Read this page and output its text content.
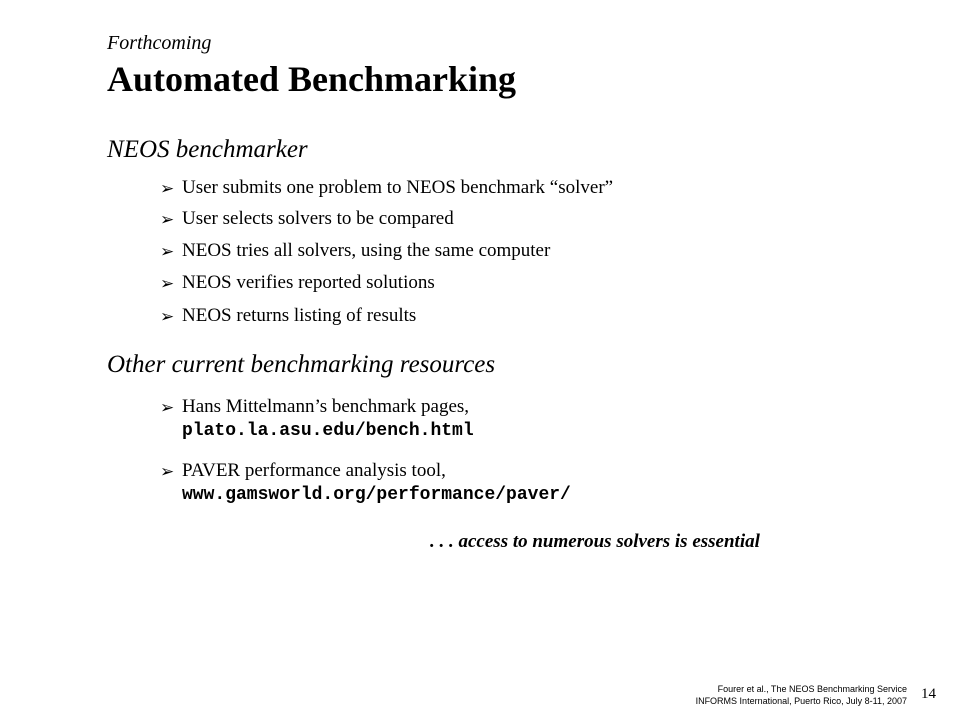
Forthcoming
Automated Benchmarking
NEOS benchmarker
➢ User submits one problem to NEOS benchmark “solver”
➢ User selects solvers to be compared
➢ NEOS tries all solvers, using the same computer
➢ NEOS verifies reported solutions
➢ NEOS returns listing of results
Other current benchmarking resources
➢ Hans Mittelmann’s benchmark pages,
plato.la.asu.edu/bench.html
➢ PAVER performance analysis tool,
www.gamsworld.org/performance/paver/
. . . access to numerous solvers is essential
Fourer et al., The NEOS Benchmarking Service
INFORMS International, Puerto Rico, July 8-11, 2007 14
